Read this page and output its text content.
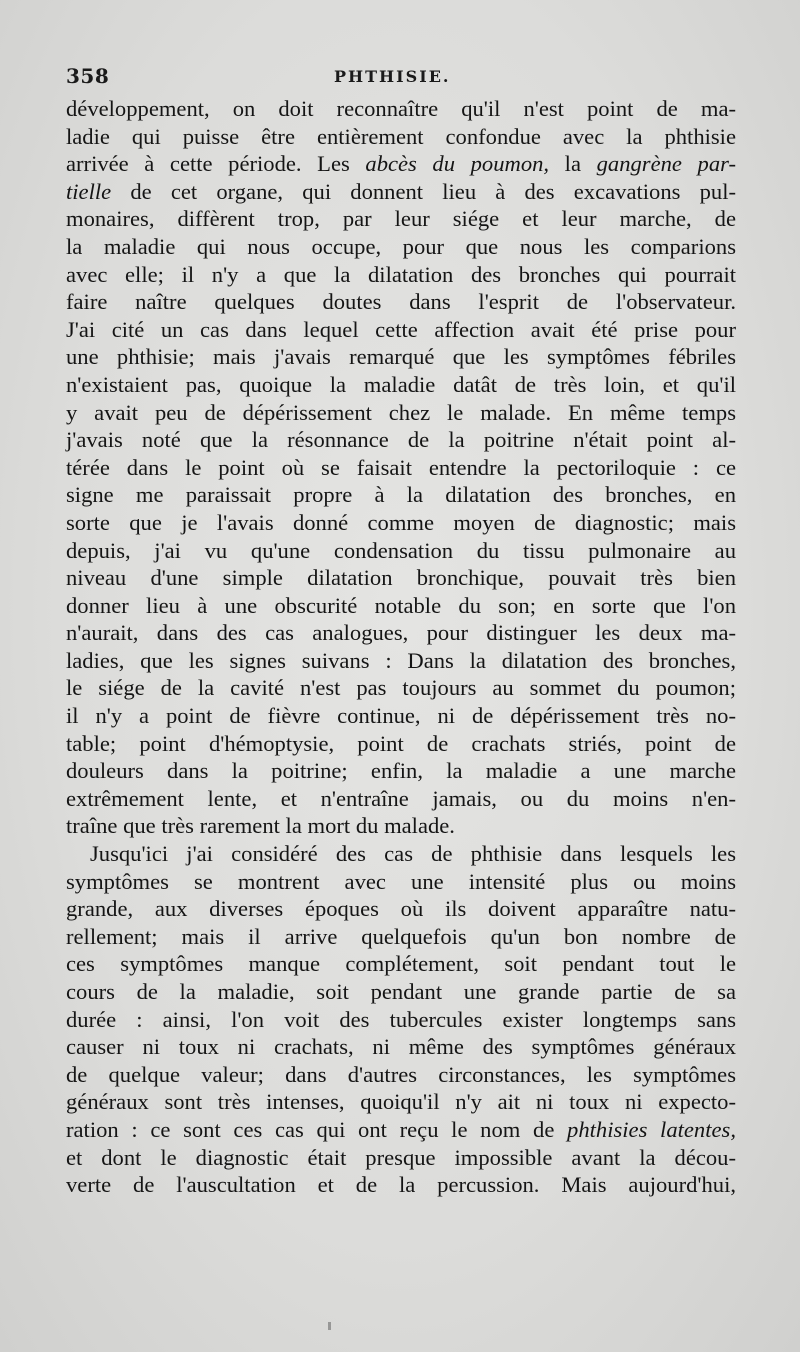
358	PHTHISIE.
développement, on doit reconnaître qu'il n'est point de ma-
ladie qui puisse être entièrement confondue avec la phthisie
arrivée à cette période. Les abcès du poumon, la gangrène par-
tielle de cet organe, qui donnent lieu à des excavations pul-
monaires, diffèrent trop, par leur siége et leur marche, de
la maladie qui nous occupe, pour que nous les comparions
avec elle; il n'y a que la dilatation des bronches qui pourrait
faire naître quelques doutes dans l'esprit de l'observateur.
J'ai cité un cas dans lequel cette affection avait été prise pour
une phthisie; mais j'avais remarqué que les symptômes fébriles
n'existaient pas, quoique la maladie datât de très loin, et qu'il
y avait peu de dépérissement chez le malade. En même temps
j'avais noté que la résonnance de la poitrine n'était point al-
térée dans le point où se faisait entendre la pectoriloquie : ce
signe me paraissait propre à la dilatation des bronches, en
sorte que je l'avais donné comme moyen de diagnostic; mais
depuis, j'ai vu qu'une condensation du tissu pulmonaire au
niveau d'une simple dilatation bronchique, pouvait très bien
donner lieu à une obscurité notable du son; en sorte que l'on
n'aurait, dans des cas analogues, pour distinguer les deux ma-
ladies, que les signes suivans : Dans la dilatation des bronches,
le siége de la cavité n'est pas toujours au sommet du poumon;
il n'y a point de fièvre continue, ni de dépérissement très no-
table; point d'hémoptysie, point de crachats striés, point de
douleurs dans la poitrine; enfin, la maladie a une marche
extrêmement lente, et n'entraîne jamais, ou du moins n'en-
traîne que très rarement la mort du malade.
Jusqu'ici j'ai considéré des cas de phthisie dans lesquels les
symptômes se montrent avec une intensité plus ou moins
grande, aux diverses époques où ils doivent apparaître natu-
rellement; mais il arrive quelquefois qu'un bon nombre de
ces symptômes manque complétement, soit pendant tout le
cours de la maladie, soit pendant une grande partie de sa
durée : ainsi, l'on voit des tubercules exister longtemps sans
causer ni toux ni crachats, ni même des symptômes généraux
de quelque valeur; dans d'autres circonstances, les symptômes
généraux sont très intenses, quoiqu'il n'y ait ni toux ni expecto-
ration : ce sont ces cas qui ont reçu le nom de phthisies latentes,
et dont le diagnostic était presque impossible avant la décou-
verte de l'auscultation et de la percussion. Mais aujourd'hui,
